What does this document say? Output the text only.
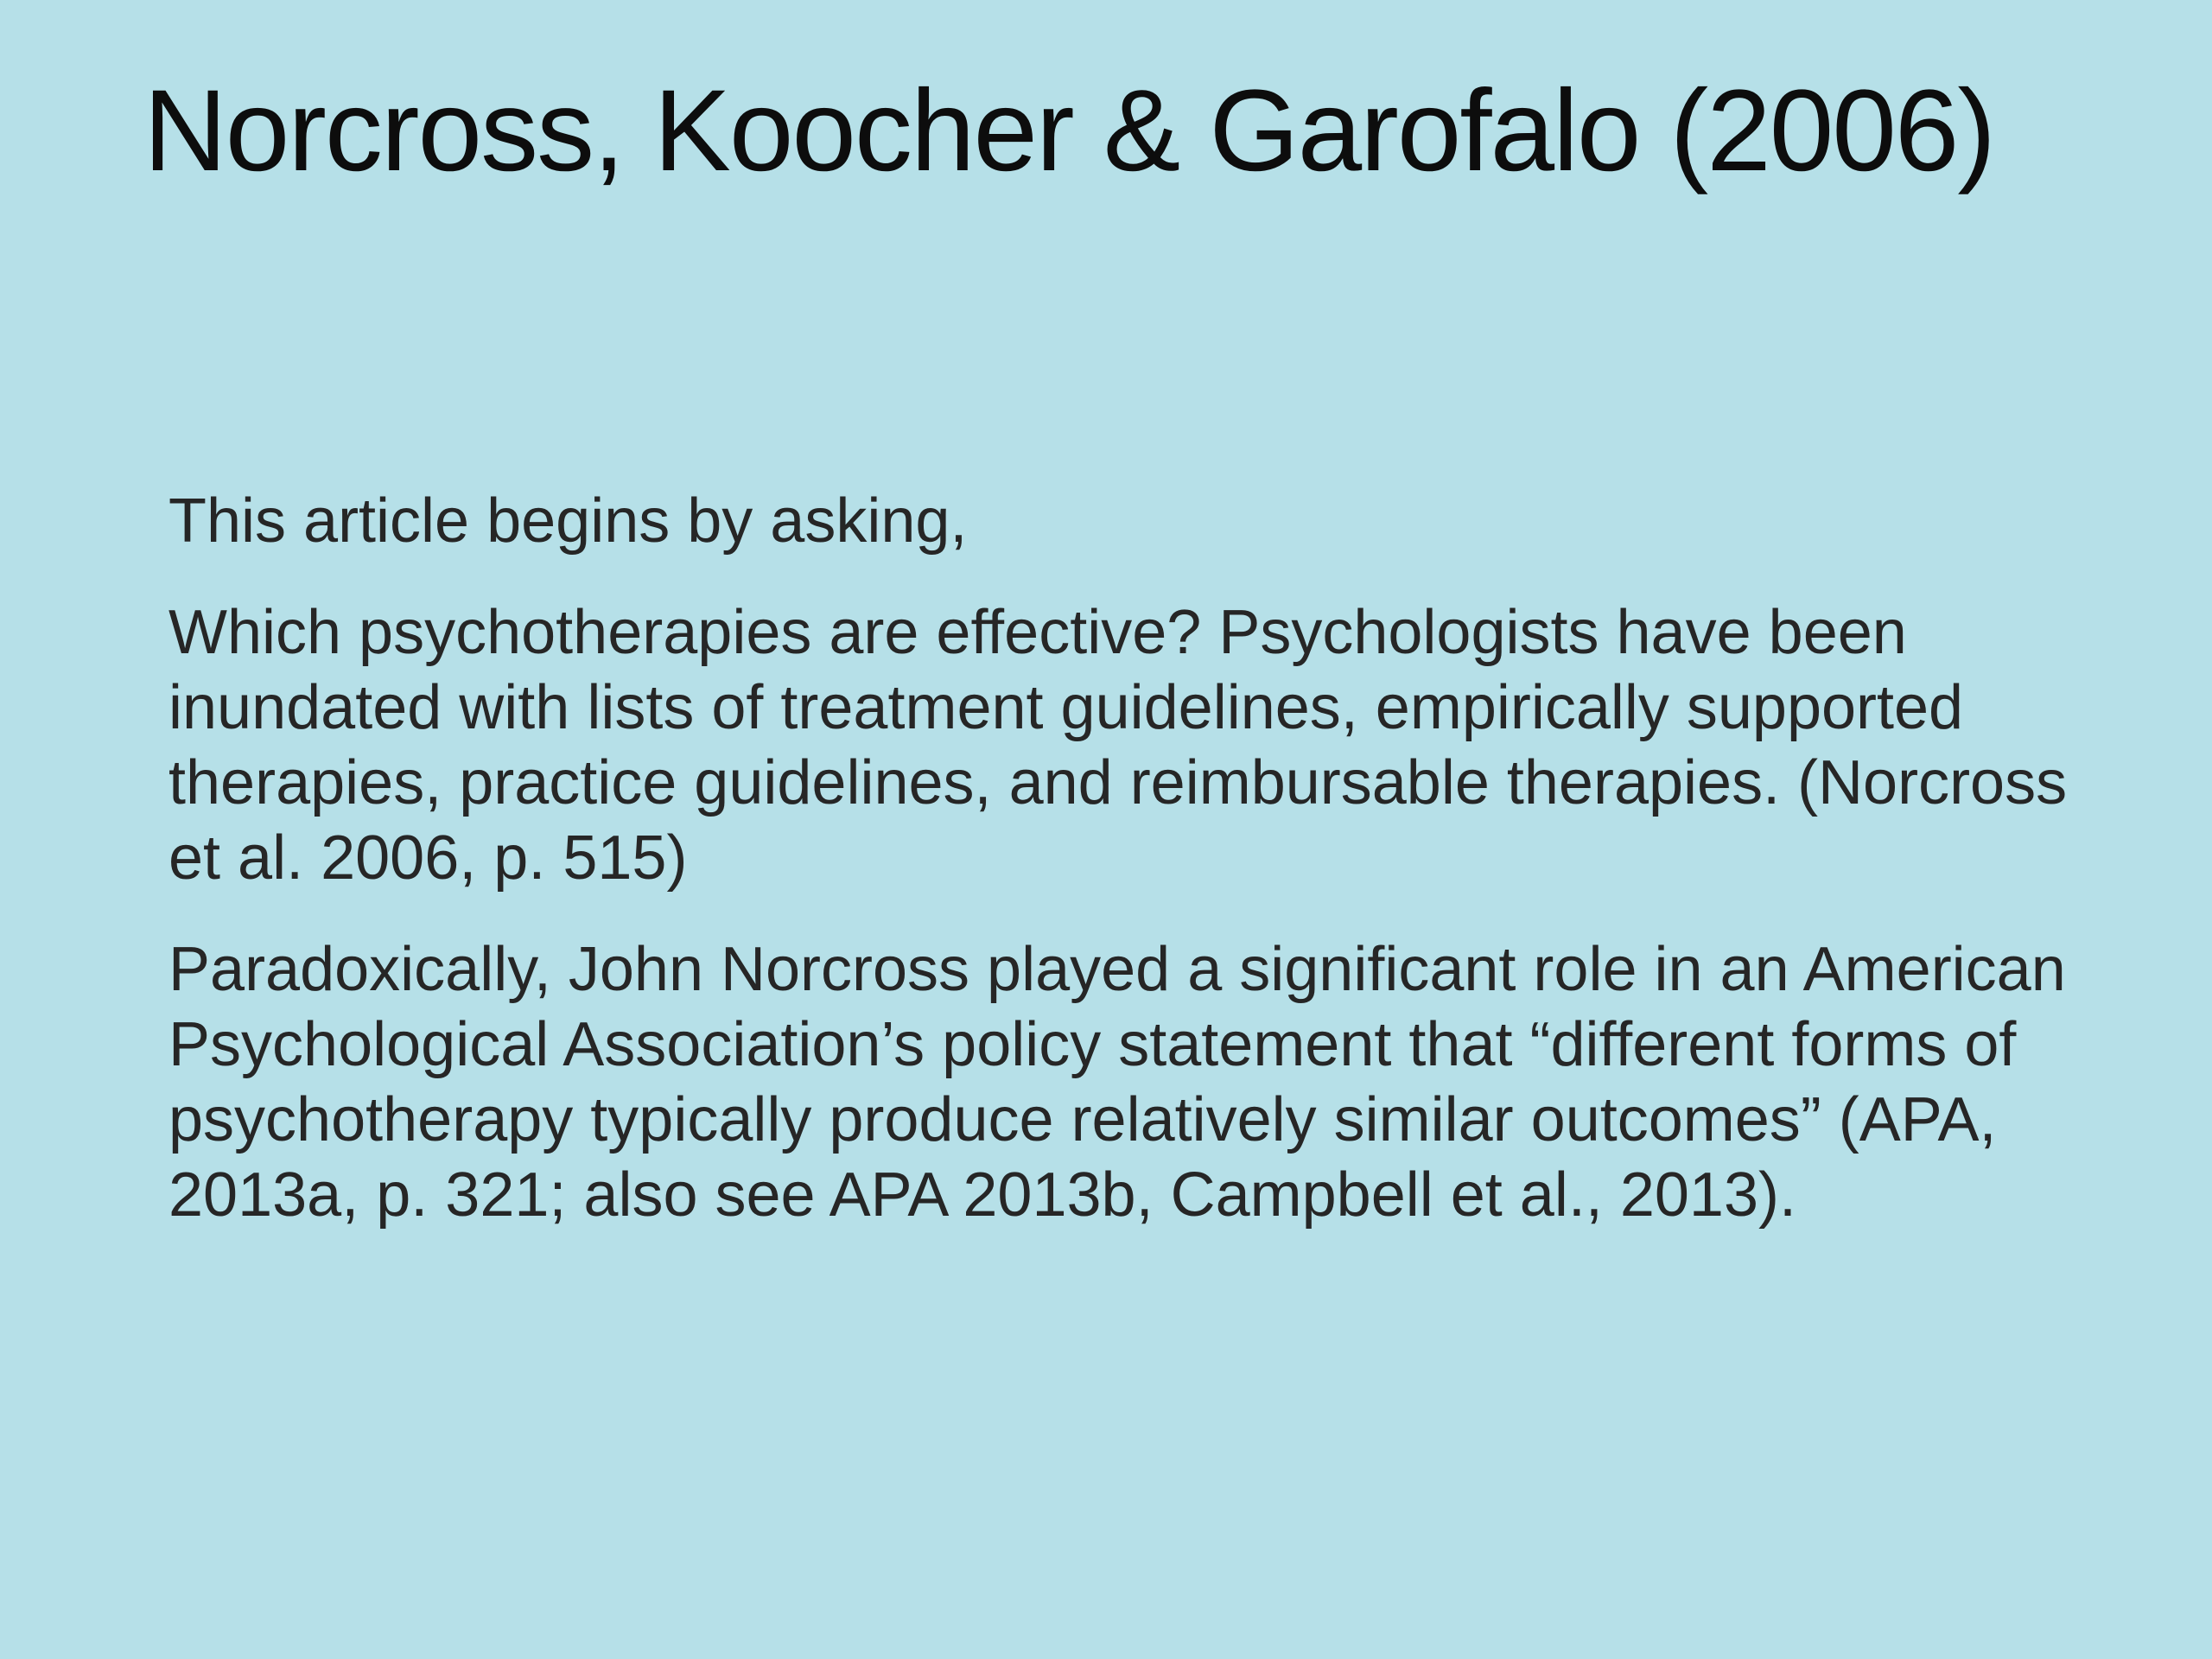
Norcross, Koocher & Garofalo (2006)

This article begins by asking,

Which psychotherapies are effective? Psychologists have been inundated with lists of treatment guidelines, empirically supported therapies, practice guidelines, and reimbursable therapies. (Norcross et al. 2006, p. 515)

Paradoxically, John Norcross played a significant role in an American Psychological Association’s policy statement that “different forms of psychotherapy typically produce relatively similar outcomes” (APA, 2013a, p. 321; also see APA 2013b, Campbell et al., 2013).
